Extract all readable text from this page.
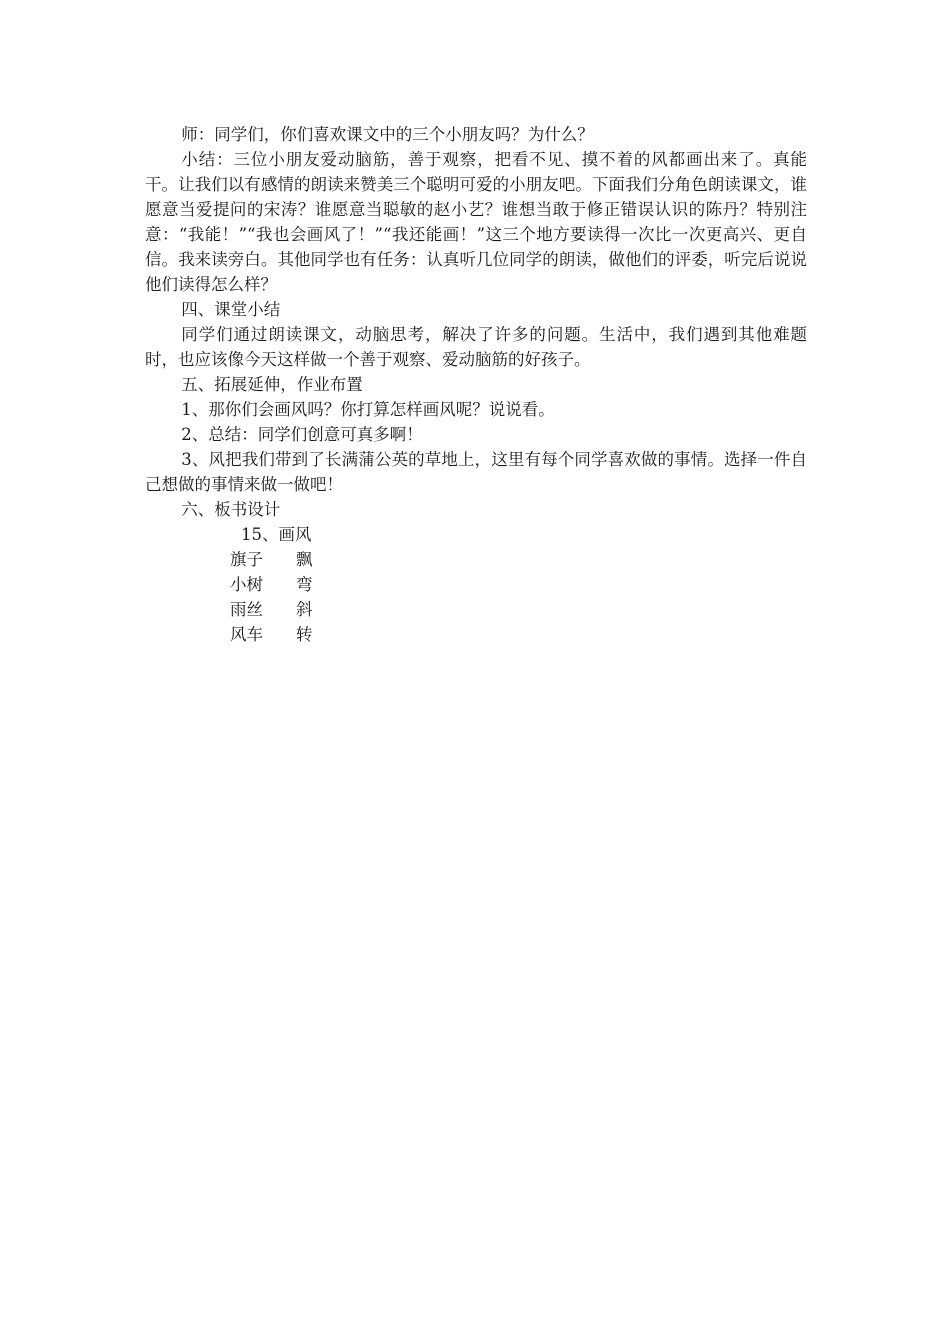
师：同学们，你们喜欢课文中的三个小朋友吗？为什么？

小结：三位小朋友爱动脑筋，善于观察，把看不见、摸不着的风都画出来了。真能干。让我们以有感情的朗读来赞美三个聪明可爱的小朋友吧。下面我们分角色朗读课文，谁愿意当爱提问的宋涛？谁愿意当聪敏的赵小艺？谁想当敢于修正错误认识的陈丹？特别注意：“我能！”“我也会画风了！”“我还能画！”这三个地方要读得一次比一次更高兴、更自信。我来读旁白。其他同学也有任务：认真听几位同学的朗读，做他们的评委，听完后说说他们读得怎么样？

四、课堂小结

同学们通过朗读课文，动脑思考，解决了许多的问题。生活中，我们遇到其他难题时，也应该像今天这样做一个善于观察、爱动脑筋的好孩子。

五、拓展延伸，作业布置

1、那你们会画风吗？你打算怎样画风呢？说说看。

2、总结：同学们创意可真多啊！

3、风把我们带到了长满蒲公英的草地上，这里有每个同学喜欢做的事情。选择一件自己想做的事情来做一做吧！

六、板书设计

15、画风

旗子	飘
小树	弯
雨丝	斜
风车	转
